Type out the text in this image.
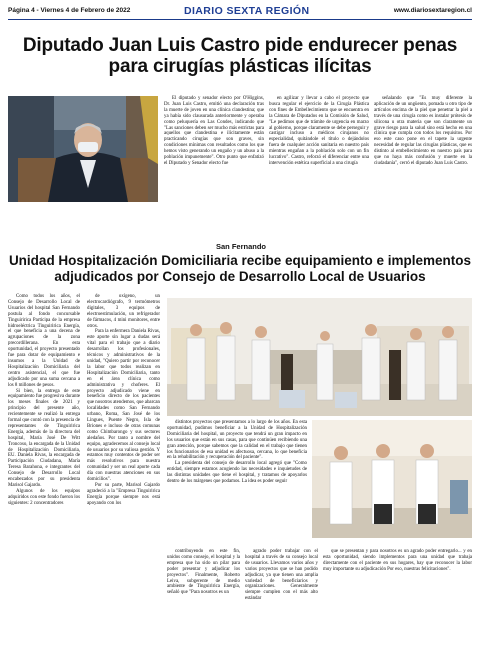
Página 4 - Viernes 4 de Febrero de 2022	DIARIO SEXTA REGIÓN	www.diariosextaregion.cl
Diputado Juan Luis Castro pide endurecer penas para cirugías plásticas ilícitas

El diputado y senador electo por O'Higgins, Dr. Juan Luis Castro, emitió una declaración tras la muerte de joven en una clínica clandestina; que ya había sido clausurada anteriormente y operaba como peluquería en Las Condes, indicando que "Las sanciones deben ser mucho más estrictas para aquellos que clandestina e ilícitamente están practicando cirugías que son graves, sin condiciones mínimas con resultados como los que hemos visto generando un engaño y un abuso a la población impunemente". Otro punto que enfatizó el Diputado y Senador electo fue

en agilizar y llevar a cabo el proyecto que busca regular el ejercicio de la Cirugía Plástica con fines de Embellecimiento que se encuentra en la Cámara de Diputados en la Comisión de Salud, "Le pedimos que de trámite de urgencia en marzo al gobierno, porque claramente se debe perseguir y castigar incluso a médicos cirujanos no especialidad, quitándole el título o dejándolos fuera de cualquier acción sanitaria en nuestro país mientras engañan a la población solo con un fin lucrativo". Castro, reforzó el diferenciar entre una intervención estética superficial a una cirugía

señalando que "Es muy diferente la aplicación de un ungüento, pomada u otro tipo de artículos encima de la piel que penetrar la piel a través de una cirugía como es instalar prótesis de silicona u otra materia que son claramente un grave riesgo para la salud sino está hecho en una clínica que cumpla con todos los requisitos. Por eso este caso pone en el tapete la urgente necesidad de regular las cirugías plásticas, que es distinto al embellecimiento en nuestro país para que no haya más confusión y muerte en la ciudadanía", cerró el diputado Juan Luis Castro.

San Fernando
Unidad Hospitalización Domiciliaria recibe equipamiento e implementos adjudicados por Consejo de Desarrollo Local de Usuarios

Como todos los años, el Consejo de Desarrollo Local de Usuarios del hospital San Fernando postula al fondo concursable Tinguiririca Participa de la empresa hidroeléctrica Tinguiririca Energía, el que beneficia a una decena de agrupaciones de la zona precordillerana. En esta oportunidad, el proyecto presentado fue para dotar de equipamiento e insumos a la Unidad de Hospitalización Domiciliaria del centro asistencial, el que fue adjudicado por una suma cercana a los 8 millones de pesos.

Si bien, la entrega de este equipamiento fue progresiva durante los meses finales de 2021 y principio del presente año, recientemente se realizó la entrega formal que contó con la presencia de representantes de Tinguiririca Energía, además de la directora del hospital, María José De Witt Troncoso, la encargada de la Unidad de Hospitalización Domiciliaria, EU. Daniela Rivas, la encargada de Participación Ciudadana, María Teresa Barahona, e integrantes del Consejo de Desarrollo Local encabezados por su presidenta Marisol Gajardo.

Algunos de los equipos adquiridos con este fondo fueron los siguientes: 2 concentradores

de oxígeno, un electrocardiógrafo, 9 termómetros digitales, 3 equipos de electroestimulación, un refrigerador de fármacos, 4 mini monitores, entre otros.

Para la enfermera Daniela Rivas, este aporte sin lugar a dudas será vital para el trabajo que a diario desarrollan los profesionales, técnicos y administrativos de la unidad, "Quiero partir por reconocer la labor que todos realizan en Hospitalización Domiciliaria, tanto en el área clínica como administrativa y choferes. El proyecto adjudicado viene en beneficio directo de los pacientes que nosotros atendemos, que abarcan localidades como San Fernando urbano, Roma, San José de los Lingues, Puente Negro, Isla de Briones e incluso de otras comunas como Chimbarongo y sus sectores aledaños. Por tanto a nombre del equipo, agradecemos al consejo local de usuarios por su valiosa gestión. Y estamos muy contentos de poder ser más resolutivos para nuestra comunidad y ser un real aporte cada día con nuestras atenciones en sus domicilios".

Por su parte, Marisol Gajardo agradeció a la "Empresa Tinguiririca Energía porque siempre nos está apoyando con los

distintos proyectos que presentamos a lo largo de los años. En esta oportunidad, pudimos beneficiar a la Unidad de Hospitalización Domiciliaria del hospital, un proyecto que tendrá un gran impacto en los usuarios que están en sus casas, para que continúen recibiendo una gran atención, porque sabemos que la calidad en el trabajo que tienen los funcionarios de esa unidad es afectuosa, cercana, lo que beneficia en la rehabilitación y recuperación del paciente".

La presidenta del consejo de desarrollo local agregó que "Como entidad, siempre estamos acogiendo las necesidades e inquietudes de las distintas unidades que tiene el hospital, y tratamos de apoyarlos dentro de los márgenes que podamos. La idea es poder seguir

contribuyendo en este fin, unidos como consejo, el hospital y la empresa que ha sido un pilar para poder presentar y adjudicar los proyectos". Finalmente, Roberto Leiva, subgerente de medio ambiente de Tinguiririca Energía, señaló que "Para nosotros es un

agrado poder trabajar con el hospital a través de su consejo local de usuarios. Llevamos varios años y varios proyectos que se han podido adjudicar, ya que tienen una amplia variedad de beneficiarios y organizaciones. Generalmente siempre cumplen con el más alto estándar

que se presentan y para nosotros es un agrado poder entregarlo... y en esta oportunidad, siendo implementos para una unidad que trabaja directamente con el paciente en sus hogares, hay que reconocer la labor muy importante su adjudicación Por eso, nuestras felicitaciones".
